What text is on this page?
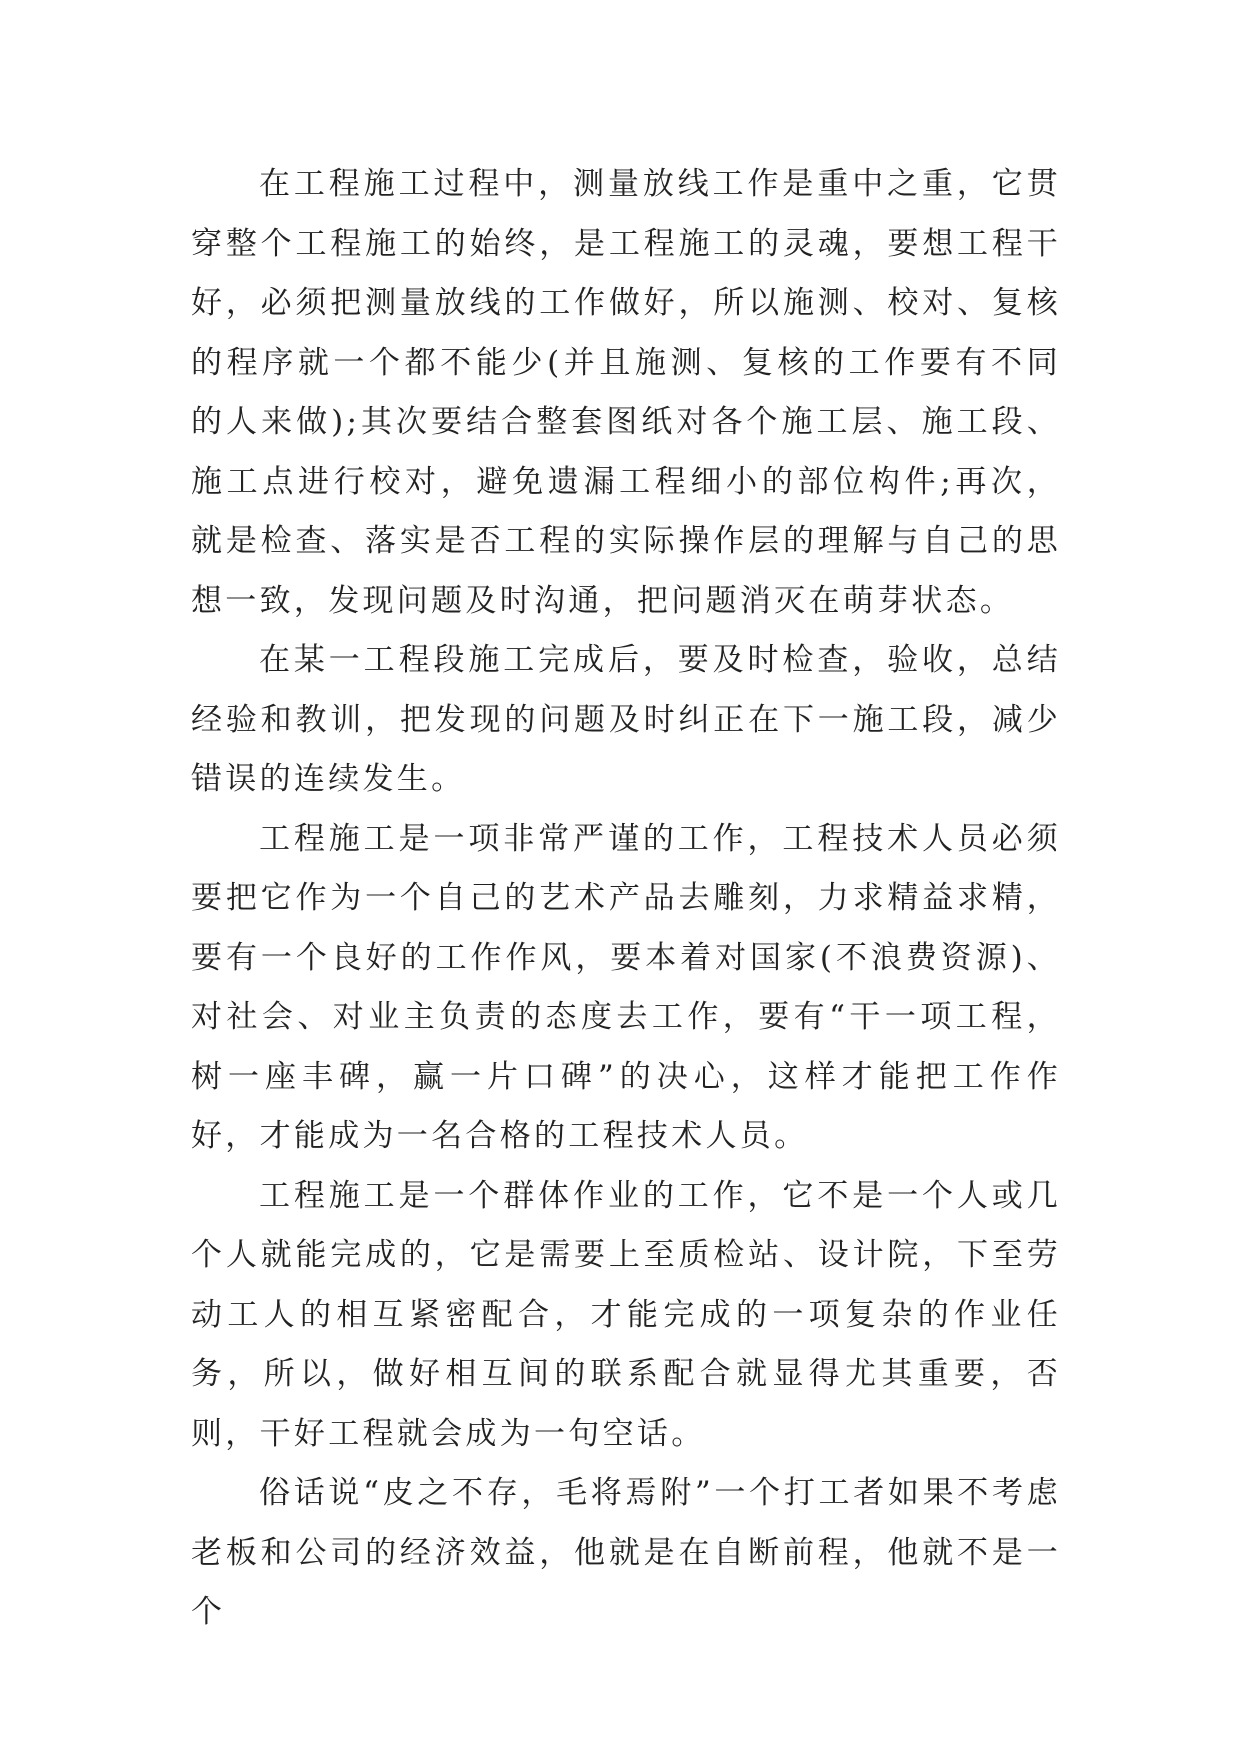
在工程施工过程中，测量放线工作是重中之重，它贯穿整个工程施工的始终，是工程施工的灵魂，要想工程干好，必须把测量放线的工作做好，所以施测、校对、复核的程序就一个都不能少(并且施测、复核的工作要有不同的人来做);其次要结合整套图纸对各个施工层、施工段、施工点进行校对，避免遗漏工程细小的部位构件;再次，就是检查、落实是否工程的实际操作层的理解与自己的思想一致，发现问题及时沟通，把问题消灭在萌芽状态。

在某一工程段施工完成后，要及时检查，验收，总结经验和教训，把发现的问题及时纠正在下一施工段，减少错误的连续发生。

工程施工是一项非常严谨的工作，工程技术人员必须要把它作为一个自己的艺术产品去雕刻，力求精益求精，要有一个良好的工作作风，要本着对国家(不浪费资源)、对社会、对业主负责的态度去工作，要有“干一项工程，树一座丰碑，赢一片口碑”的决心，这样才能把工作作好，才能成为一名合格的工程技术人员。

工程施工是一个群体作业的工作，它不是一个人或几个人就能完成的，它是需要上至质检站、设计院，下至劳动工人的相互紧密配合，才能完成的一项复杂的作业任务，所以，做好相互间的联系配合就显得尤其重要，否则，干好工程就会成为一句空话。

俗话说“皮之不存，毛将焉附”一个打工者如果不考虑老板和公司的经济效益，他就是在自断前程，他就不是一个
